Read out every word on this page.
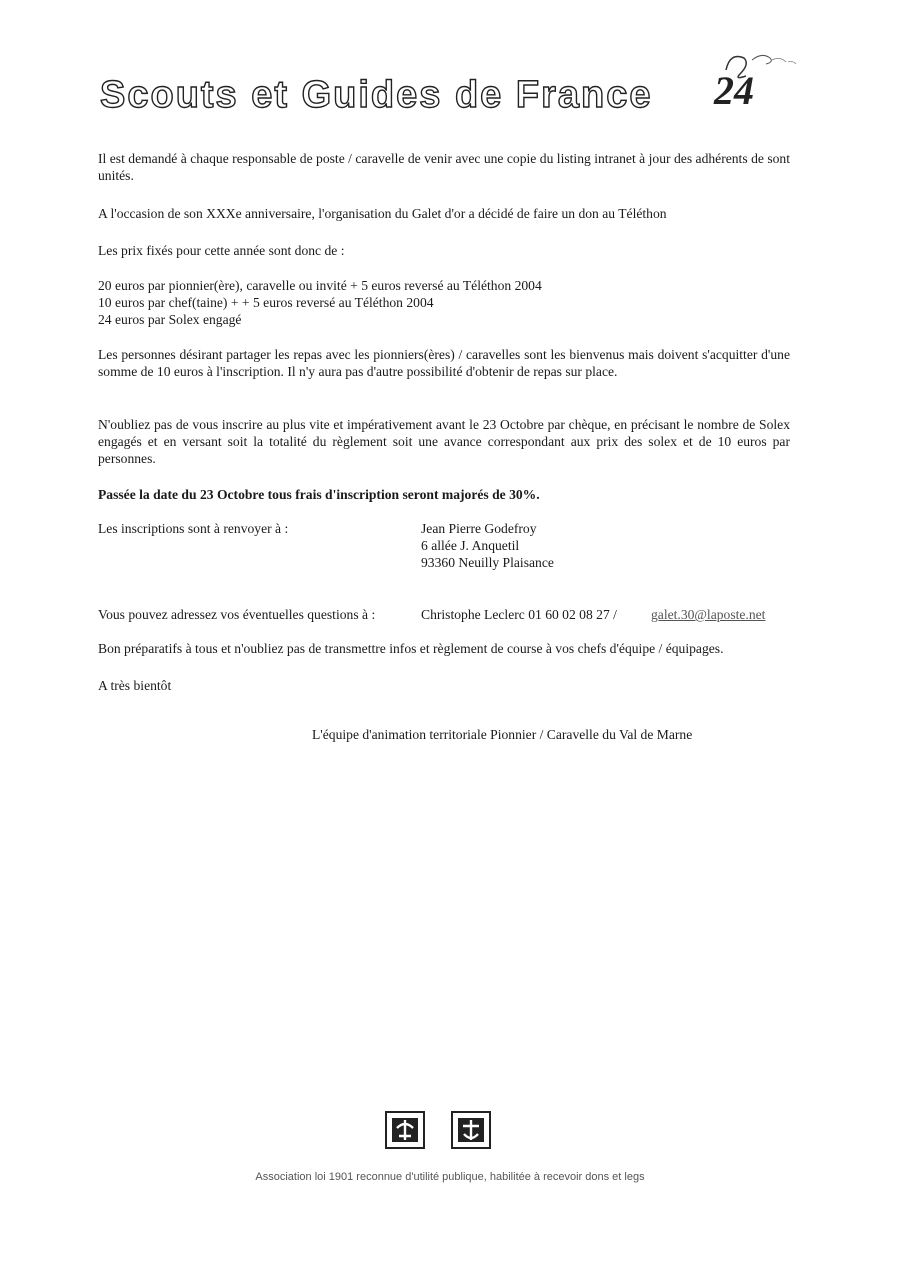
Scouts et Guides de France 24
Il est demandé à chaque responsable de poste / caravelle de venir avec une copie du listing intranet à jour des adhérents de sont unités.
A l'occasion de son XXXe anniversaire, l'organisation du Galet d'or a décidé de faire un don au Téléthon
Les prix fixés pour cette année sont donc de :
20 euros par pionnier(ère), caravelle ou invité + 5 euros reversé au Téléthon 2004
10 euros par chef(taine) + + 5 euros reversé au Téléthon 2004
24 euros par Solex engagé
Les personnes désirant partager les repas avec les pionniers(ères) / caravelles sont les bienvenus mais doivent s'acquitter d'une somme de 10 euros à l'inscription. Il n'y aura pas d'autre possibilité d'obtenir de repas sur place.
N'oubliez pas de vous inscrire au plus vite et impérativement avant le 23 Octobre par chèque, en précisant le nombre de Solex engagés et en versant soit la totalité du règlement soit une avance correspondant aux prix des solex et de 10 euros par personnes.
Passée la date du 23 Octobre tous frais d'inscription seront majorés de 30%.
Les inscriptions sont à renvoyer à :	Jean Pierre Godefroy
6 allée J. Anquetil
93360 Neuilly Plaisance
Vous pouvez adressez vos éventuelles questions à :	Christophe Leclerc 01 60 02 08 27 /	galet.30@laposte.net
Bon préparatifs à tous et n'oubliez pas de transmettre infos et règlement de course à vos chefs d'équipe / équipages.
A très bientôt
L'équipe d'animation territoriale Pionnier / Caravelle du Val de Marne
Association loi 1901 reconnue d'utilité publique, habilitée à recevoir dons et legs
